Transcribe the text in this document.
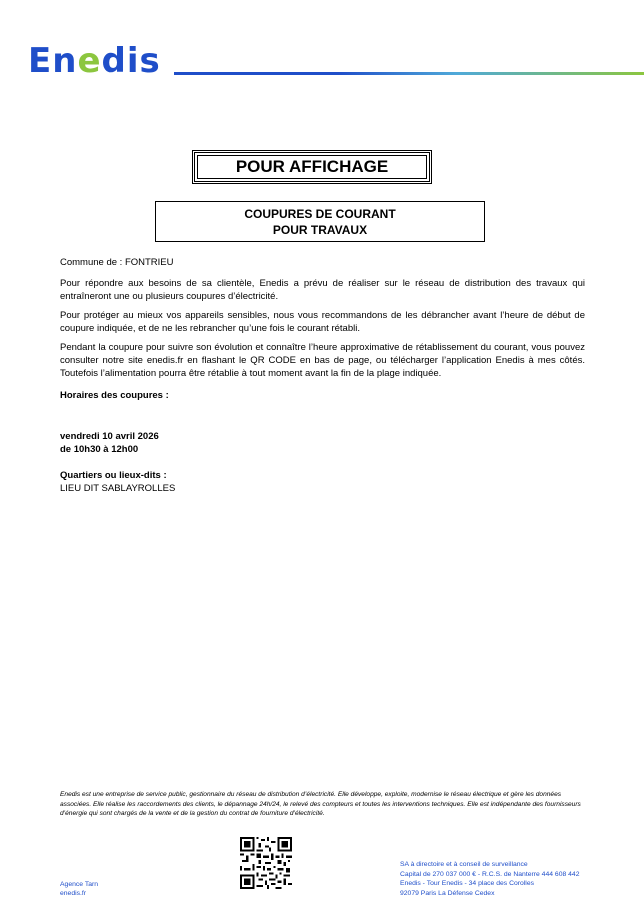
En e dis
POUR AFFICHAGE
COUPURES DE COURANT
POUR TRAVAUX
Commune de : FONTRIEU
Pour répondre aux besoins de sa clientèle, Enedis a prévu de réaliser sur le réseau de distribution des travaux qui entraîneront une ou plusieurs coupures d’électricité.
Pour protéger au mieux vos appareils sensibles, nous vous recommandons de les débrancher avant l’heure de début de coupure indiquée, et de ne les rebrancher qu’une fois le courant rétabli.
Pendant la coupure pour suivre son évolution et connaître l’heure approximative de rétablissement du courant, vous pouvez consulter notre site enedis.fr en flashant le QR CODE en bas de page, ou télécharger l’application Enedis à mes côtés. Toutefois l’alimentation pourra être rétablie à tout moment avant la fin de la plage indiquée.
Horaires des coupures :
vendredi 10 avril 2026
de 10h30 à 12h00
Quartiers ou lieux-dits :
LIEU DIT SABLAYROLLES
Enedis est une entreprise de service public, gestionnaire du réseau de distribution d’électricité. Elle développe, exploite, modernise le réseau électrique et gère les données associées. Elle réalise les raccordements des clients, le dépannage 24h/24, le relevé des compteurs et toutes les interventions techniques. Elle est indépendante des fournisseurs d’énergie qui sont chargés de la vente et de la gestion du contrat de fourniture d’électricité.
Agence Tarn
enedis.fr
SA à directoire et à conseil de surveillance
Capital de 270 037 000 € - R.C.S. de Nanterre 444 608 442
Enedis - Tour Enedis - 34 place des Corolles
92079 Paris La Défense Cedex
